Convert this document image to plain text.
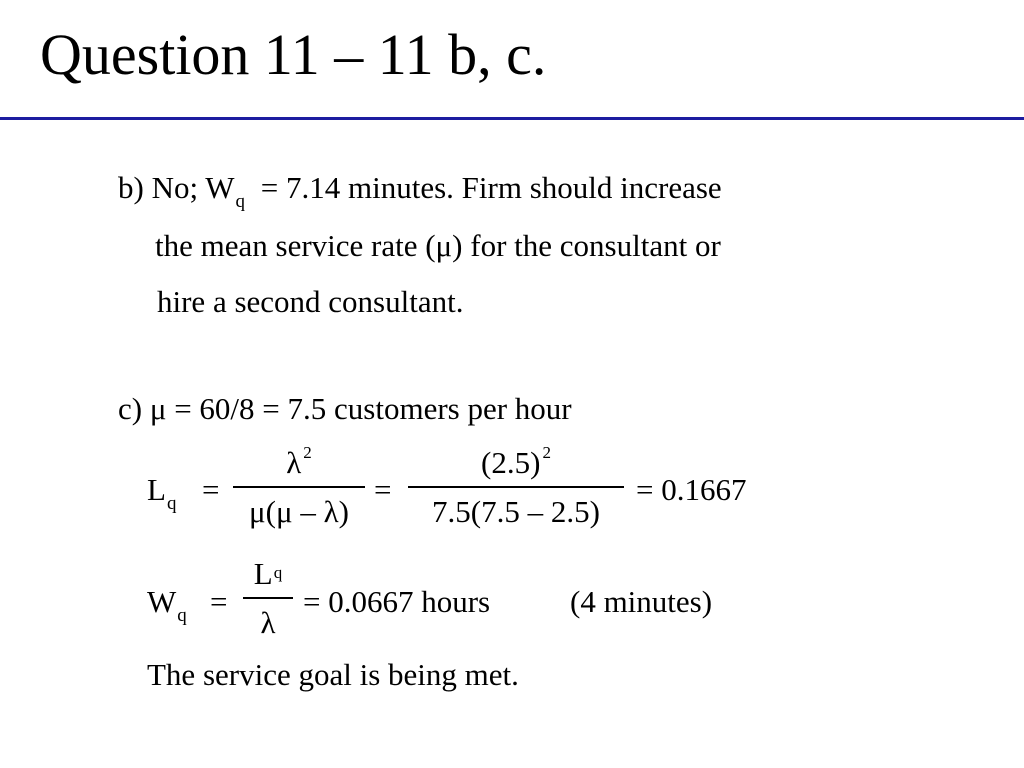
Question 11 – 11 b, c.
b) No; $W_q = 7.14$ minutes. Firm should increase
the mean service rate (μ) for the consultant or
hire a second consultant.
c) μ = 60/8 = 7.5 customers per hour
$L_q$ =
λ $^2$
μ(μ – λ)
=
(2.5) $^2$
7.5(7.5 – 2.5)
= 0.1667
$W_q$ =
Lq
λ
= 0.0667 hours	(4 minutes)
The service goal is being met.
